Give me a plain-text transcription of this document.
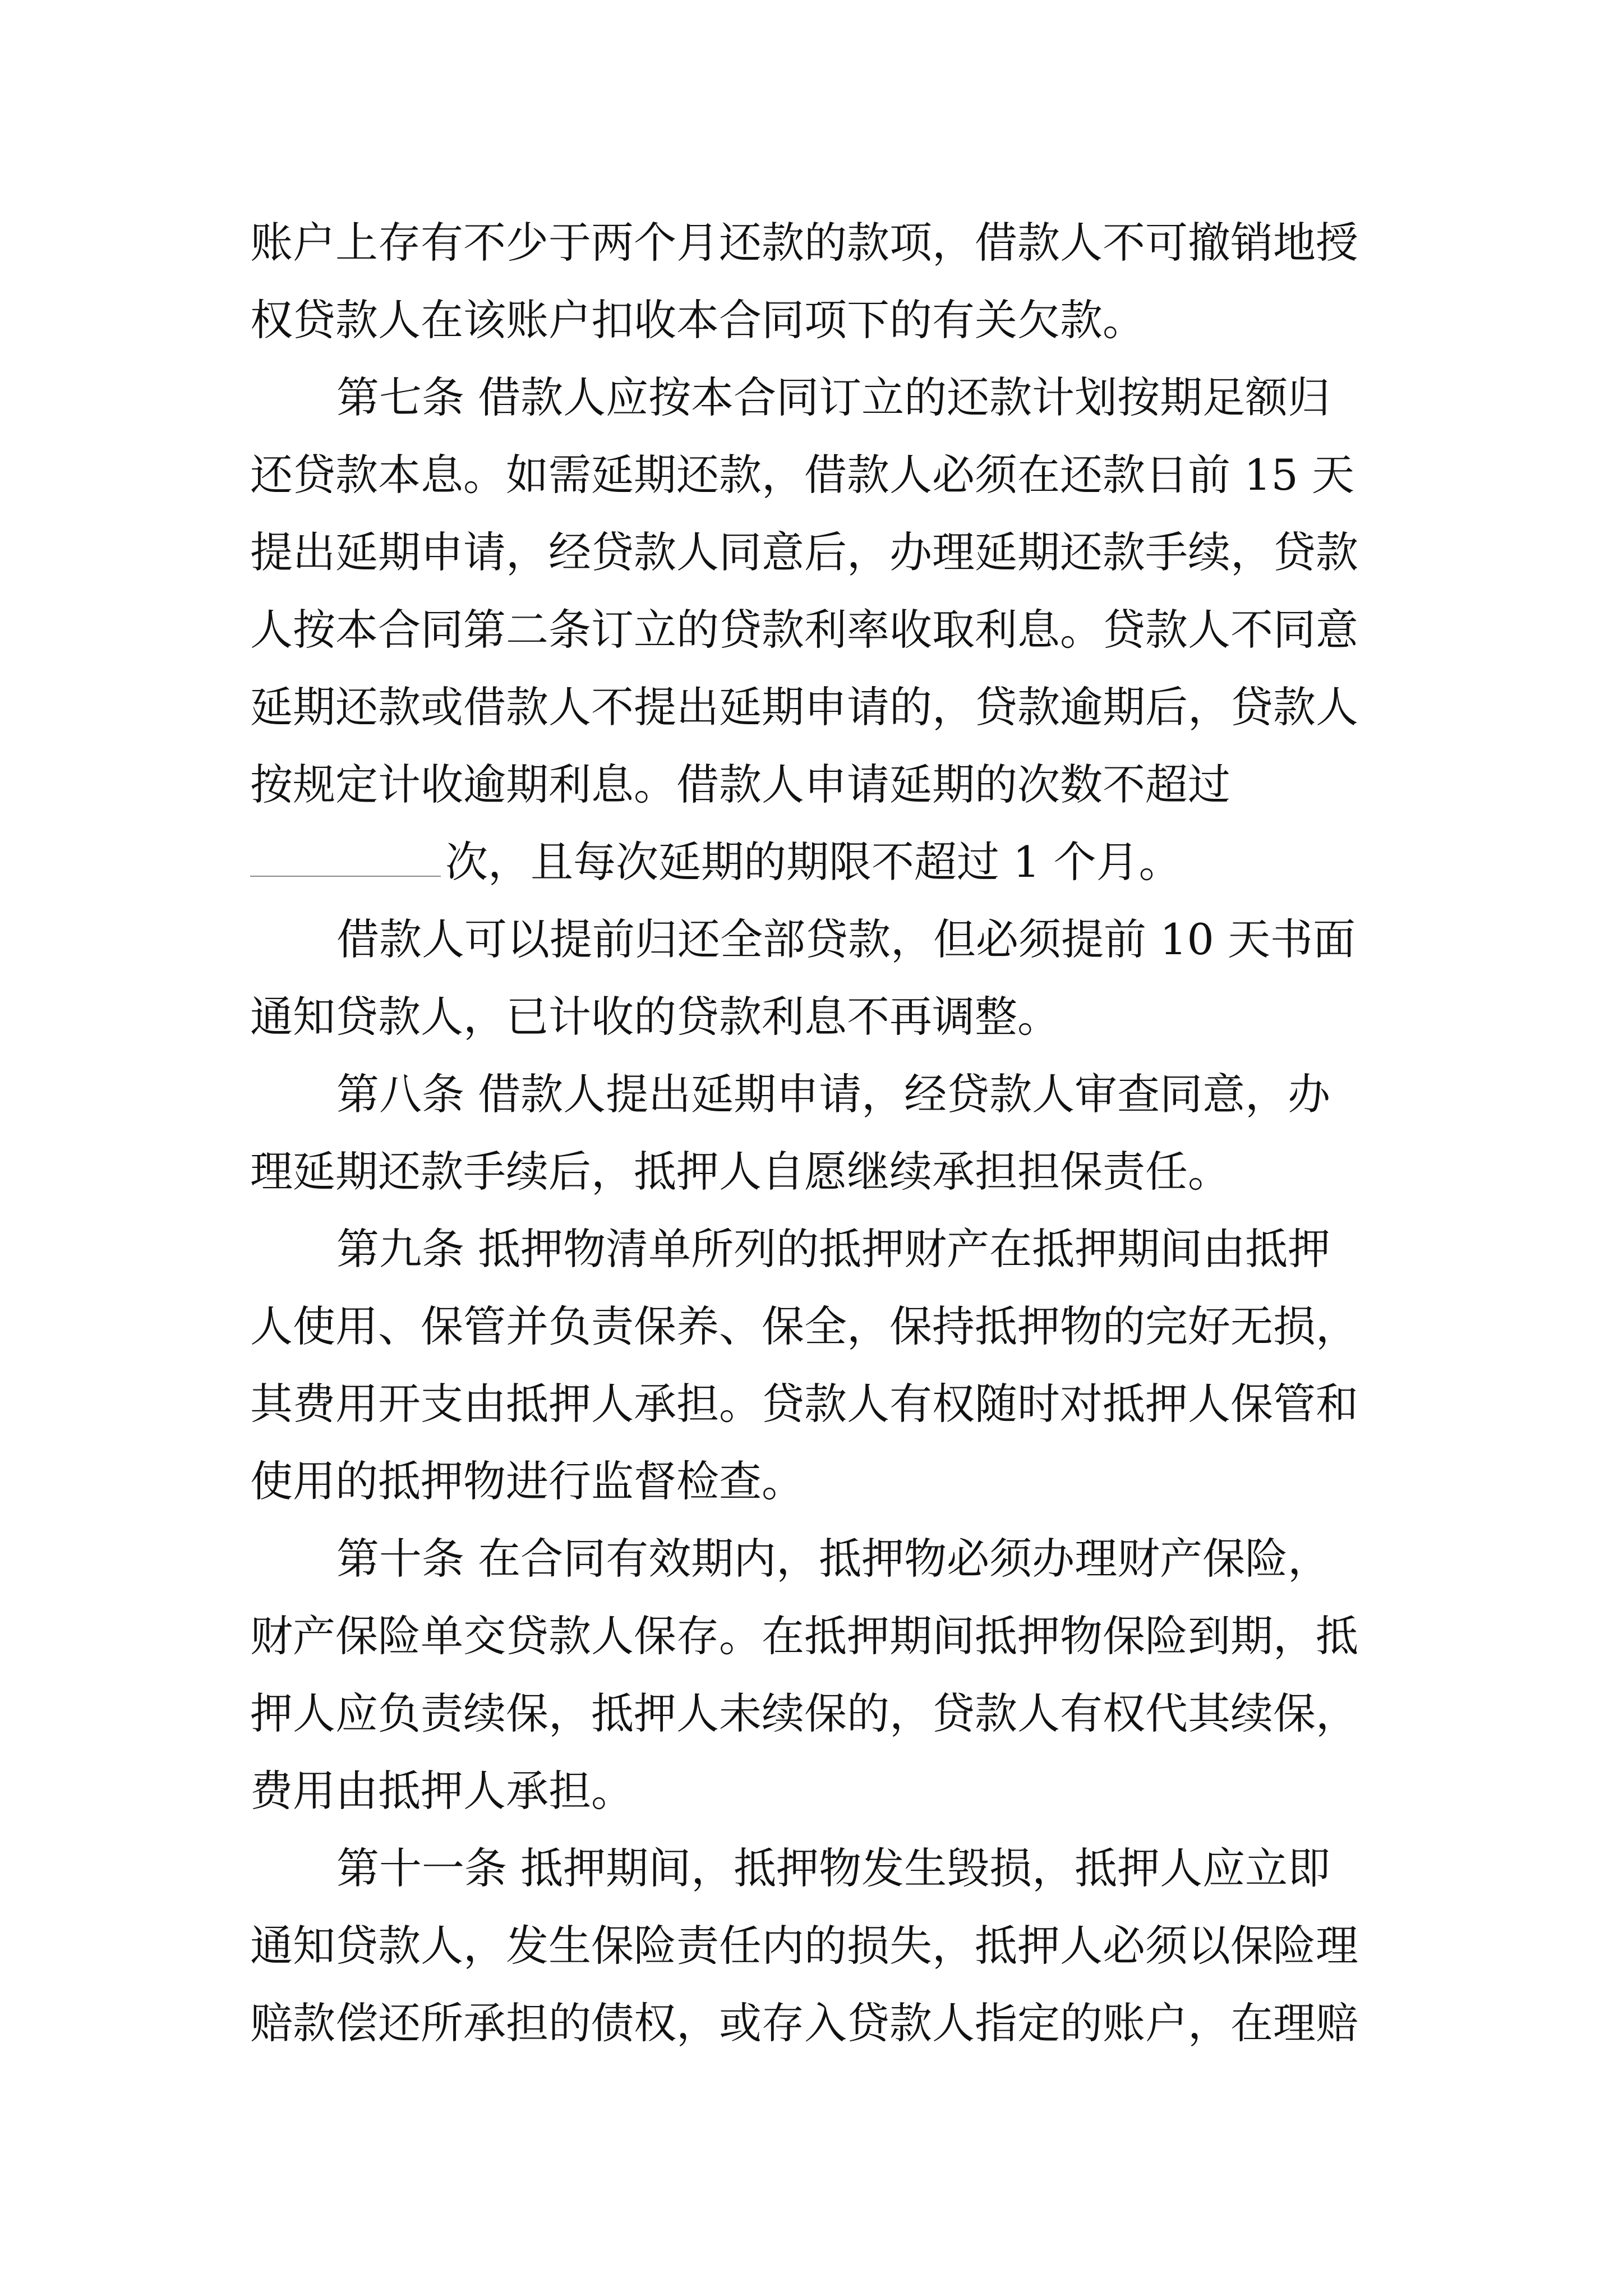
账户上存有不少于两个月还款的款项，借款人不可撤销地授
权贷款人在该账户扣收本合同项下的有关欠款。
第七条 借款人应按本合同订立的还款计划按期足额归
还贷款本息。如需延期还款，借款人必须在还款日前 15 天
提出延期申请，经贷款人同意后，办理延期还款手续，贷款
人按本合同第二条订立的贷款利率收取利息。贷款人不同意
延期还款或借款人不提出延期申请的，贷款逾期后，贷款人
按规定计收逾期利息。借款人申请延期的次数不超过
次，且每次延期的期限不超过 1 个月。
借款人可以提前归还全部贷款，但必须提前 10 天书面
通知贷款人，已计收的贷款利息不再调整。
第八条 借款人提出延期申请，经贷款人审查同意，办
理延期还款手续后，抵押人自愿继续承担担保责任。
第九条 抵押物清单所列的抵押财产在抵押期间由抵押
人使用、保管并负责保养、保全，保持抵押物的完好无损，
其费用开支由抵押人承担。贷款人有权随时对抵押人保管和
使用的抵押物进行监督检查。
第十条 在合同有效期内，抵押物必须办理财产保险，
财产保险单交贷款人保存。在抵押期间抵押物保险到期，抵
押人应负责续保，抵押人未续保的，贷款人有权代其续保，
费用由抵押人承担。
第十一条 抵押期间，抵押物发生毁损，抵押人应立即
通知贷款人，发生保险责任内的损失，抵押人必须以保险理
赔款偿还所承担的债权，或存入贷款人指定的账户，在理赔
